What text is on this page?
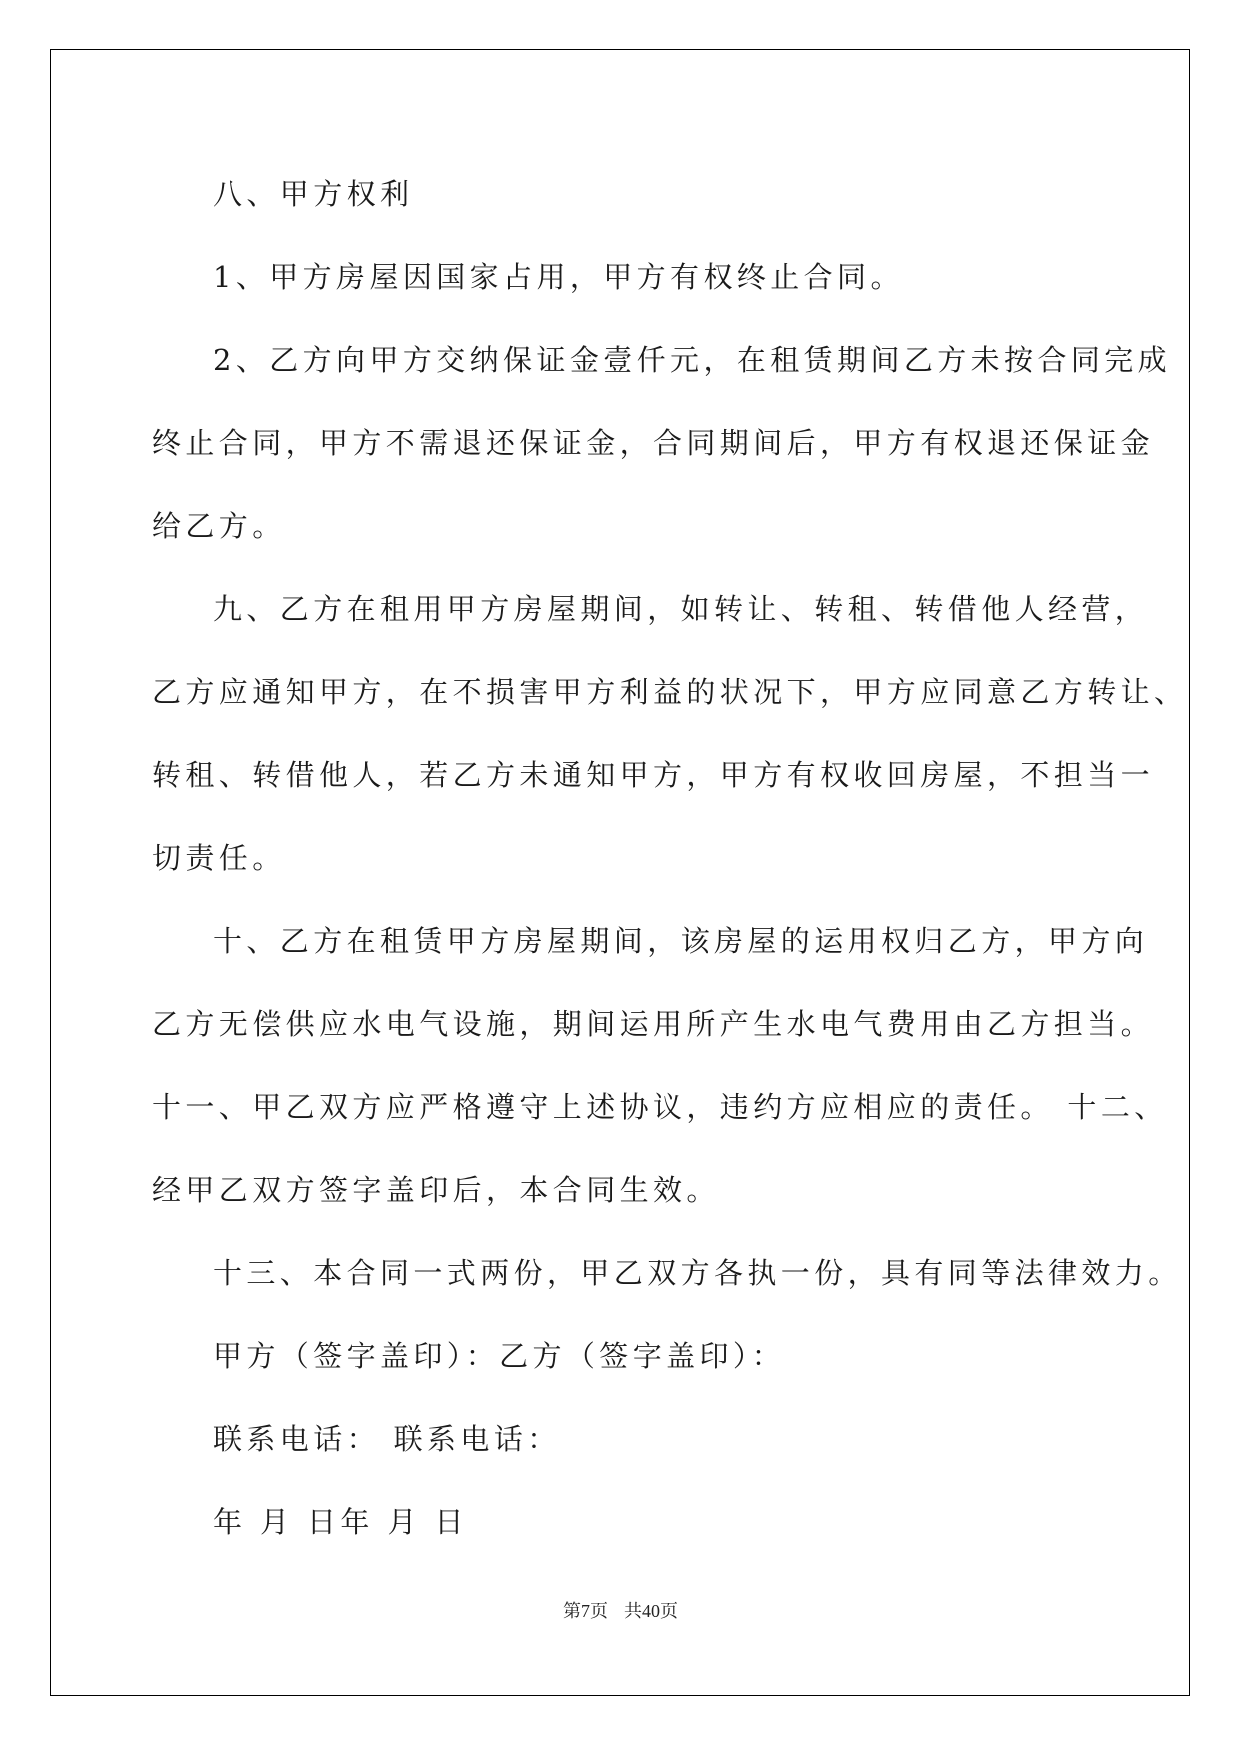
八、甲方权利
1、甲方房屋因国家占用，甲方有权终止合同。
2、乙方向甲方交纳保证金壹仟元，在租赁期间乙方未按合同完成
终止合同，甲方不需退还保证金，合同期间后，甲方有权退还保证金
给乙方。
九、乙方在租用甲方房屋期间，如转让、转租、转借他人经营，
乙方应通知甲方，在不损害甲方利益的状况下，甲方应同意乙方转让、
转租、转借他人，若乙方未通知甲方，甲方有权收回房屋，不担当一
切责任。
十、乙方在租赁甲方房屋期间，该房屋的运用权归乙方，甲方向
乙方无偿供应水电气设施，期间运用所产生水电气费用由乙方担当。
十一、甲乙双方应严格遵守上述协议，违约方应相应的责任。 十二、
经甲乙双方签字盖印后，本合同生效。
十三、本合同一式两份，甲乙双方各执一份，具有同等法律效力。
甲方（签字盖印）：乙方（签字盖印）：
联系电话： 联系电话：
年 月 日年 月 日
第7页 共40页
